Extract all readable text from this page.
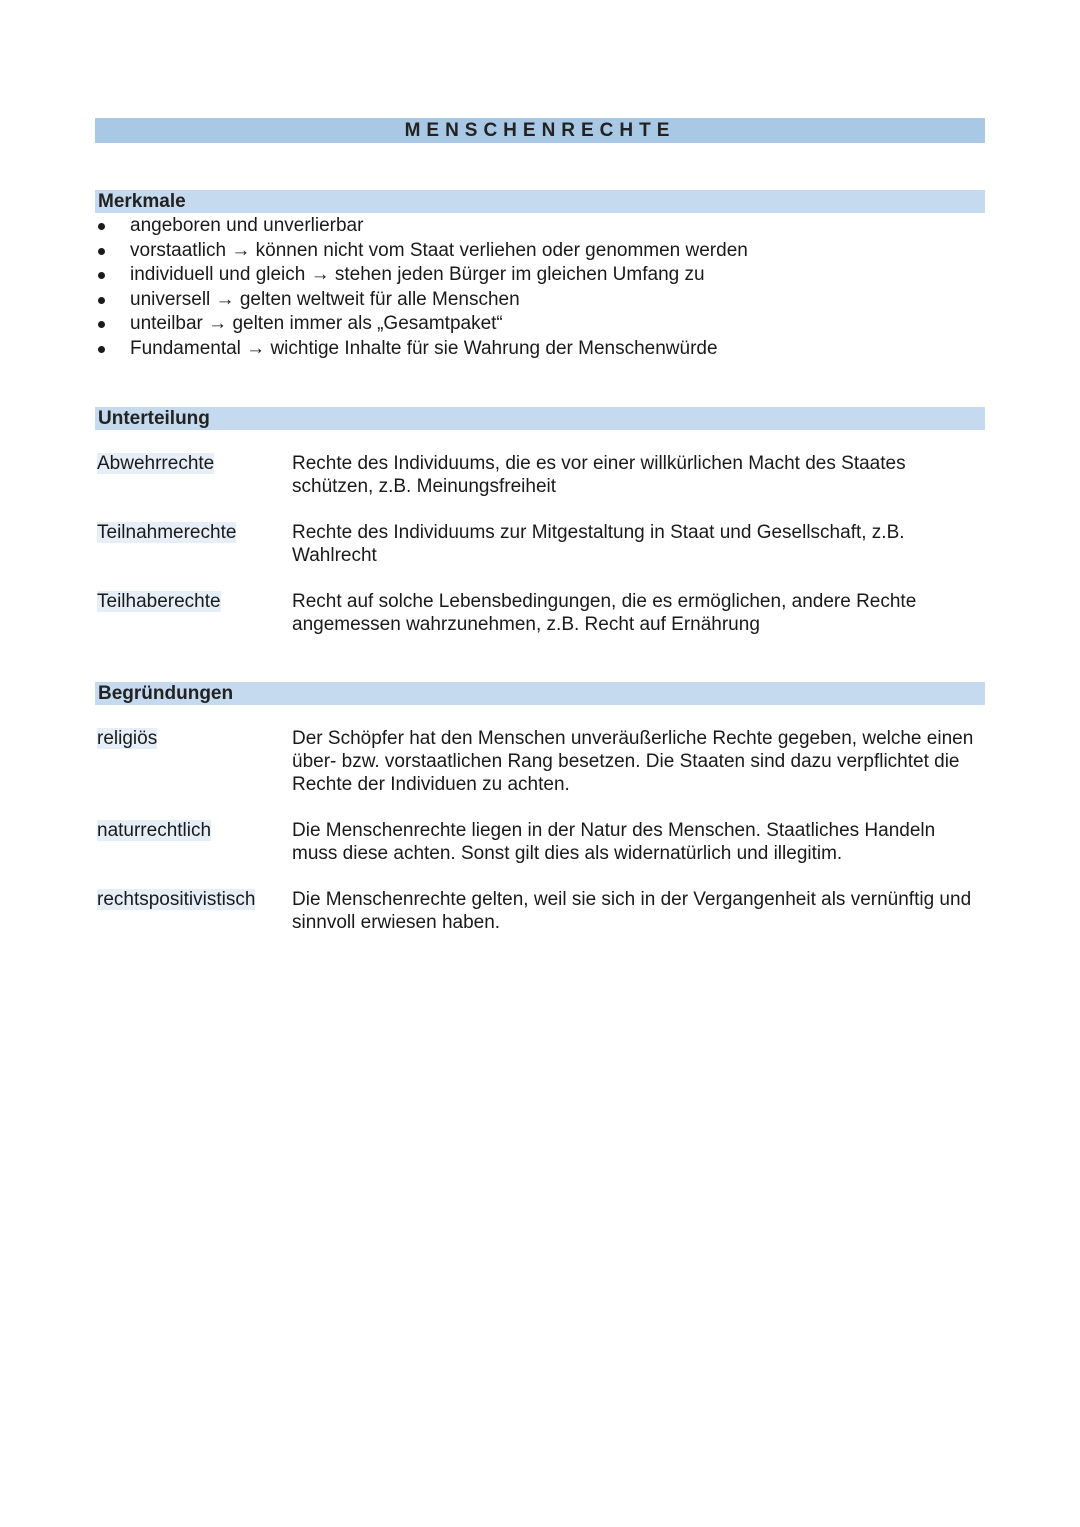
MENSCHENRECHTE
Merkmale
angeboren und unverlierbar
vorstaatlich → können nicht vom Staat verliehen oder genommen werden
individuell und gleich → stehen jeden Bürger im gleichen Umfang zu
universell → gelten weltweit für alle Menschen
unteilbar → gelten immer als „Gesamtpaket“
Fundamental → wichtige Inhalte für sie Wahrung der Menschenwürde
Unterteilung
Abwehrrechte	Rechte des Individuums, die es vor einer willkürlichen Macht des Staates schützen, z.B. Meinungsfreiheit
Teilnahmerechte	Rechte des Individuums zur Mitgestaltung in Staat und Gesellschaft, z.B. Wahlrecht
Teilhaberechte	Recht auf solche Lebensbedingungen, die es ermöglichen, andere Rechte angemessen wahrzunehmen, z.B. Recht auf Ernährung
Begründungen
religiös	Der Schöpfer hat den Menschen unveräußerliche Rechte gegeben, welche einen über- bzw. vorstaatlichen Rang besetzen. Die Staaten sind dazu verpflichtet die Rechte der Individuen zu achten.
naturrechtlich	Die Menschenrechte liegen in der Natur des Menschen. Staatliches Handeln muss diese achten. Sonst gilt dies als widernatürlich und illegitim.
rechtspositivistisch	Die Menschenrechte gelten, weil sie sich in der Vergangenheit als vernünftig und sinnvoll erwiesen haben.
